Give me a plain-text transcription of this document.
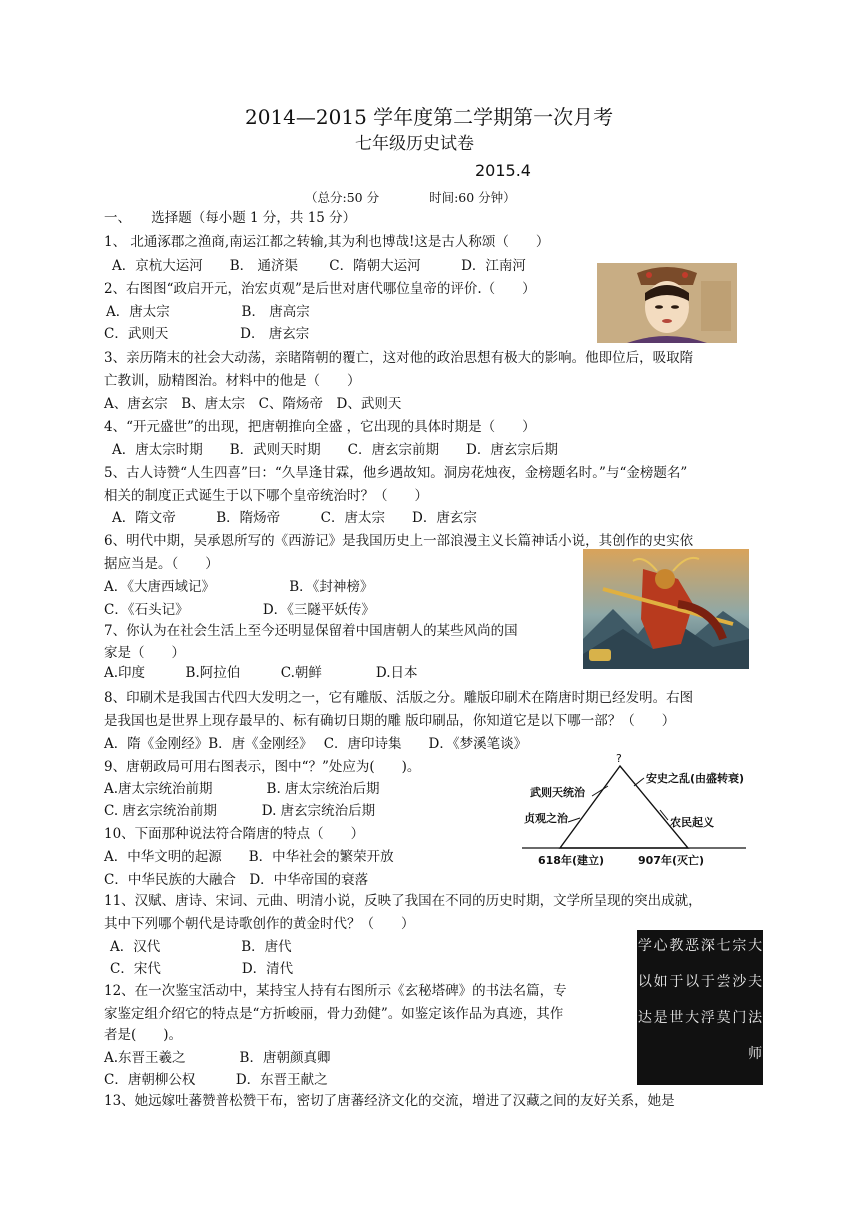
2014—2015 学年度第二学期第一次月考
七年级历史试卷
2015.4
（总分:50 分　　　　时间:60 分钟）
一、　　选择题（每小题 1 分，共 15 分）
1、 北通涿郡之渔商,南运江都之转输,其为利也博哉!这是古人称颂（　　）
A．京杭大运河　　B． 通济渠　　 C．隋朝大运河　　　D．江南河
2、右图图“政启开元，治宏贞观”是后世对唐代哪位皇帝的评价.（　　）
A．唐太宗　　　　　 B． 唐高宗
C．武则天　　　　　 D． 唐玄宗
3、亲历隋末的社会大动荡，亲睹隋朝的覆亡，这对他的政治思想有极大的影响。他即位后，吸取隋
亡教训，励精图治。材料中的他是（　　）
A、唐玄宗　B、唐太宗　C、隋炀帝　D、武则天
4、“开元盛世”的出现，把唐朝推向全盛 ，它出现的具体时期是（　　）
A．唐太宗时期　　B．武则天时期　　C．唐玄宗前期　　D．唐玄宗后期
5、古人诗赞“人生四喜”曰：“久旱逢甘霖，他乡遇故知。洞房花烛夜，金榜题名时。”与“金榜题名”
相关的制度正式诞生于以下哪个皇帝统治时？（　　）
A．隋文帝　　　B．隋炀帝　　　C．唐太宗　　D．唐玄宗
6、明代中期，吴承恩所写的《西游记》是我国历史上一部浪漫主义长篇神话小说，其创作的史实依
据应当是。（　　）
A．《大唐西域记》　　　　　　B．《封神榜》
C．《石头记》　　　　　　D．《三隧平妖传》
7、你认为在社会生活上至今还明显保留着中国唐朝人的某些风尚的国
家是（　　）
A.印度　　　B.阿拉伯　　　C.朝鲜　　　　D.日本
8、印刷术是我国古代四大发明之一，它有雕版、活版之分。雕版印刷术在隋唐时期已经发明。右图
是我国也是世界上现存最早的、标有确切日期的雕 版印刷品，你知道它是以下哪一部？（　　）
A．隋《金刚经》B．唐《金刚经》　 C．唐印诗集　　D．《梦溪笔谈》
9、唐朝政局可用右图表示，图中“？”处应为(　　)。
A.唐太宗统治前期　　　　B. 唐太宗统治后期
C. 唐玄宗统治前期　　　 D. 唐玄宗统治后期
?
武则天统治
贞观之治
安史之乱(由盛转衰)
农民起义
618年(建立)	907年(灭亡)
10、下面那种说法符合隋唐的特点（　　）
A．中华文明的起源　　B．中华社会的繁荣开放
C．中华民族的大融合　D．中华帝国的衰落
11、汉赋、唐诗、宋词、元曲、明清小说，反映了我国在不同的历史时期，文学所呈现的突出成就，
其中下列哪个朝代是诗歌创作的黄金时代？（　　）
A．汉代　　　　　　B．唐代
C．宋代　　　　　　D．清代
大
夫
法
师
宗
沙
门
七
尝
莫
深
于
浮
恶
以
大
教
于
世
心
如
是
学
以
达
12、在一次鉴宝活动中，某持宝人持有右图所示《玄秘塔碑》的书法名篇，专
家鉴定组介绍它的特点是“方折峻丽，骨力劲健”。如鉴定该作品为真迹，其作
者是(　　)。
A.东晋王羲之　　　　B．唐朝颜真卿
C．唐朝柳公权　　　D．东晋王献之
13、她远嫁吐蕃赞普松赞干布，密切了唐蕃经济文化的交流，增进了汉藏之间的友好关系，她是
